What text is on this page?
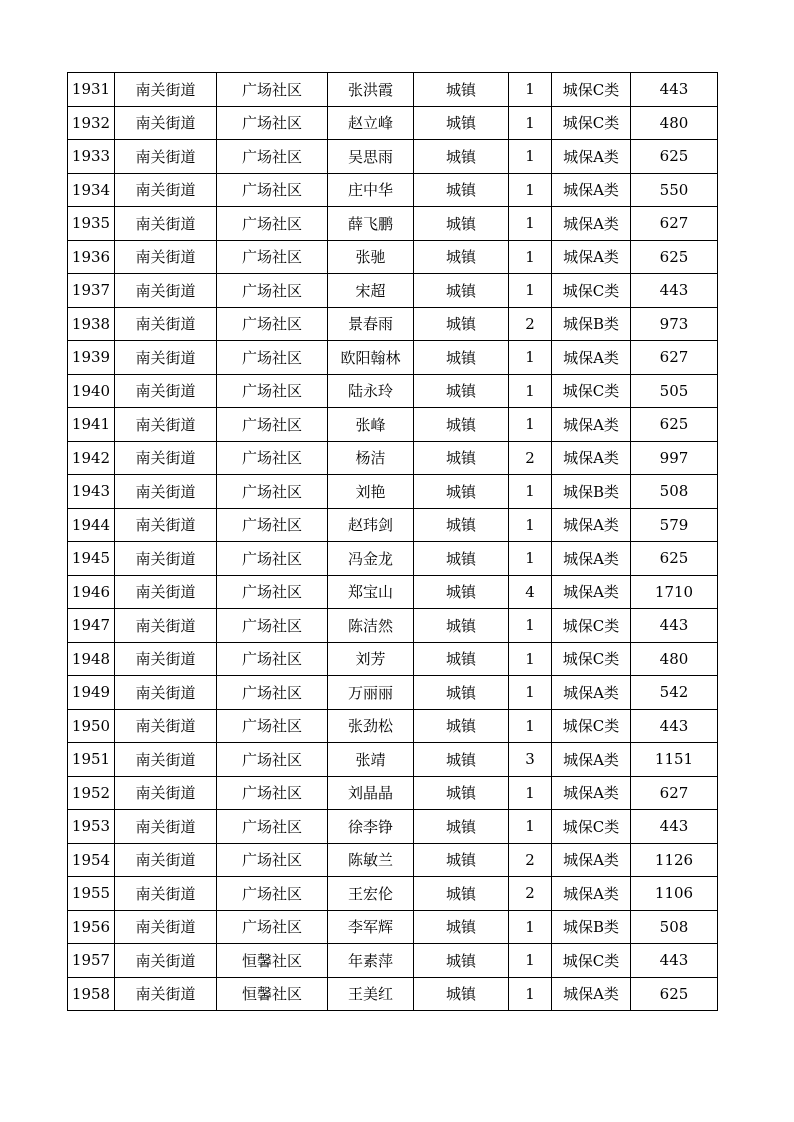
1931	南关街道	广场社区	张洪霞	城镇	1	城保C类	443
1932	南关街道	广场社区	赵立峰	城镇	1	城保C类	480
1933	南关街道	广场社区	吴思雨	城镇	1	城保A类	625
1934	南关街道	广场社区	庄中华	城镇	1	城保A类	550
1935	南关街道	广场社区	薛飞鹏	城镇	1	城保A类	627
1936	南关街道	广场社区	张驰	城镇	1	城保A类	625
1937	南关街道	广场社区	宋超	城镇	1	城保C类	443
1938	南关街道	广场社区	景春雨	城镇	2	城保B类	973
1939	南关街道	广场社区	欧阳翰林	城镇	1	城保A类	627
1940	南关街道	广场社区	陆永玲	城镇	1	城保C类	505
1941	南关街道	广场社区	张峰	城镇	1	城保A类	625
1942	南关街道	广场社区	杨洁	城镇	2	城保A类	997
1943	南关街道	广场社区	刘艳	城镇	1	城保B类	508
1944	南关街道	广场社区	赵玮剑	城镇	1	城保A类	579
1945	南关街道	广场社区	冯金龙	城镇	1	城保A类	625
1946	南关街道	广场社区	郑宝山	城镇	4	城保A类	1710
1947	南关街道	广场社区	陈洁然	城镇	1	城保C类	443
1948	南关街道	广场社区	刘芳	城镇	1	城保C类	480
1949	南关街道	广场社区	万丽丽	城镇	1	城保A类	542
1950	南关街道	广场社区	张劲松	城镇	1	城保C类	443
1951	南关街道	广场社区	张靖	城镇	3	城保A类	1151
1952	南关街道	广场社区	刘晶晶	城镇	1	城保A类	627
1953	南关街道	广场社区	徐李铮	城镇	1	城保C类	443
1954	南关街道	广场社区	陈敏兰	城镇	2	城保A类	1126
1955	南关街道	广场社区	王宏伦	城镇	2	城保A类	1106
1956	南关街道	广场社区	李军辉	城镇	1	城保B类	508
1957	南关街道	恒馨社区	年素萍	城镇	1	城保C类	443
1958	南关街道	恒馨社区	王美红	城镇	1	城保A类	625
